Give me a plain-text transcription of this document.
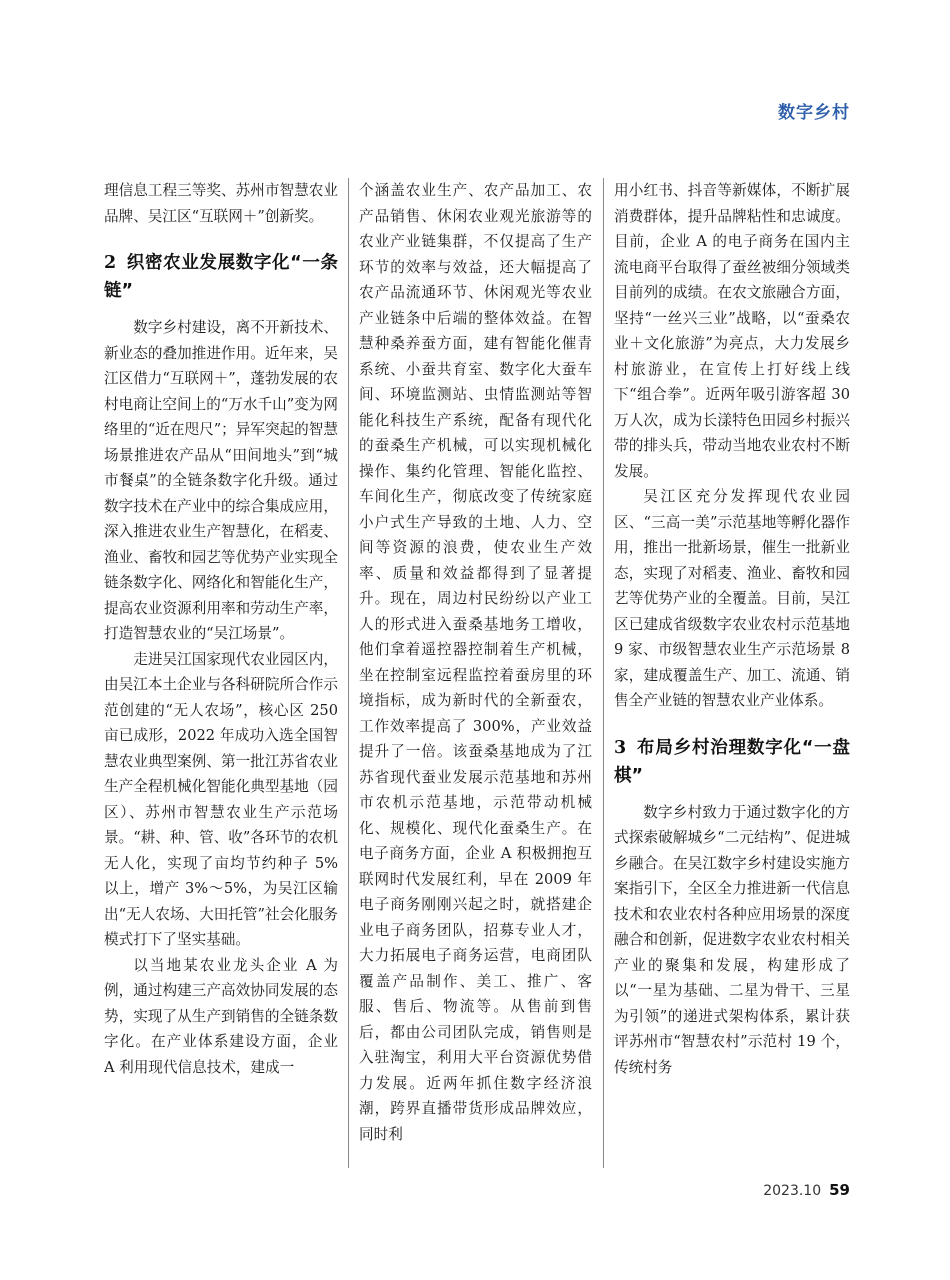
数字乡村

理信息工程三等奖、苏州市智慧农业品牌、吴江区“互联网＋”创新奖。

2 织密农业发展数字化“一条链”

数字乡村建设，离不开新技术、新业态的叠加推进作用。近年来，吴江区借力“互联网＋”，蓬勃发展的农村电商让空间上的“万水千山”变为网络里的“近在咫尺”；异军突起的智慧场景推进农产品从“田间地头”到“城市餐桌”的全链条数字化升级。通过数字技术在产业中的综合集成应用，深入推进农业生产智慧化，在稻麦、渔业、畜牧和园艺等优势产业实现全链条数字化、网络化和智能化生产，提高农业资源利用率和劳动生产率，打造智慧农业的“吴江场景”。

走进吴江国家现代农业园区内，由吴江本土企业与各科研院所合作示范创建的“无人农场”，核心区 250 亩已成形，2022 年成功入选全国智慧农业典型案例、第一批江苏省农业生产全程机械化智能化典型基地（园区）、苏州市智慧农业生产示范场景。“耕、种、管、收”各环节的农机无人化，实现了亩均节约种子 5% 以上，增产 3%～5%，为吴江区输出“无人农场、大田托管”社会化服务模式打下了坚实基础。

以当地某农业龙头企业 A 为例，通过构建三产高效协同发展的态势，实现了从生产到销售的全链条数字化。在产业体系建设方面，企业 A 利用现代信息技术，建成一

个涵盖农业生产、农产品加工、农产品销售、休闲农业观光旅游等的农业产业链集群，不仅提高了生产环节的效率与效益，还大幅提高了农产品流通环节、休闲观光等农业产业链条中后端的整体效益。在智慧种桑养蚕方面，建有智能化催青系统、小蚕共育室、数字化大蚕车间、环境监测站、虫情监测站等智能化科技生产系统，配备有现代化的蚕桑生产机械，可以实现机械化操作、集约化管理、智能化监控、车间化生产，彻底改变了传统家庭小户式生产导致的土地、人力、空间等资源的浪费，使农业生产效率、质量和效益都得到了显著提升。现在，周边村民纷纷以产业工人的形式进入蚕桑基地务工增收，他们拿着遥控器控制着生产机械，坐在控制室远程监控着蚕房里的环境指标，成为新时代的全新蚕农，工作效率提高了 300%，产业效益提升了一倍。该蚕桑基地成为了江苏省现代蚕业发展示范基地和苏州市农机示范基地，示范带动机械化、规模化、现代化蚕桑生产。在电子商务方面，企业 A 积极拥抱互联网时代发展红利，早在 2009 年电子商务刚刚兴起之时，就搭建企业电子商务团队，招募专业人才，大力拓展电子商务运营，电商团队覆盖产品制作、美工、推广、客服、售后、物流等。从售前到售后，都由公司团队完成，销售则是入驻淘宝，利用大平台资源优势借力发展。近两年抓住数字经济浪潮，跨界直播带货形成品牌效应，同时利

用小红书、抖音等新媒体，不断扩展消费群体，提升品牌粘性和忠诚度。目前，企业 A 的电子商务在国内主流电商平台取得了蚕丝被细分领域类目前列的成绩。在农文旅融合方面，坚持“一丝兴三业”战略，以“蚕桑农业＋文化旅游”为亮点，大力发展乡村旅游业，在宣传上打好线上线下“组合拳”。近两年吸引游客超 30 万人次，成为长漾特色田园乡村振兴带的排头兵，带动当地农业农村不断发展。

吴江区充分发挥现代农业园区、“三高一美”示范基地等孵化器作用，推出一批新场景，催生一批新业态，实现了对稻麦、渔业、畜牧和园艺等优势产业的全覆盖。目前，吴江区已建成省级数字农业农村示范基地 9 家、市级智慧农业生产示范场景 8 家，建成覆盖生产、加工、流通、销售全产业链的智慧农业产业体系。

3 布局乡村治理数字化“一盘棋”

数字乡村致力于通过数字化的方式探索破解城乡“二元结构”、促进城乡融合。在吴江数字乡村建设实施方案指引下，全区全力推进新一代信息技术和农业农村各种应用场景的深度融合和创新，促进数字农业农村相关产业的聚集和发展，构建形成了以“一星为基础、二星为骨干、三星为引领”的递进式架构体系，累计获评苏州市“智慧农村”示范村 19 个，传统村务

2023.10 59
